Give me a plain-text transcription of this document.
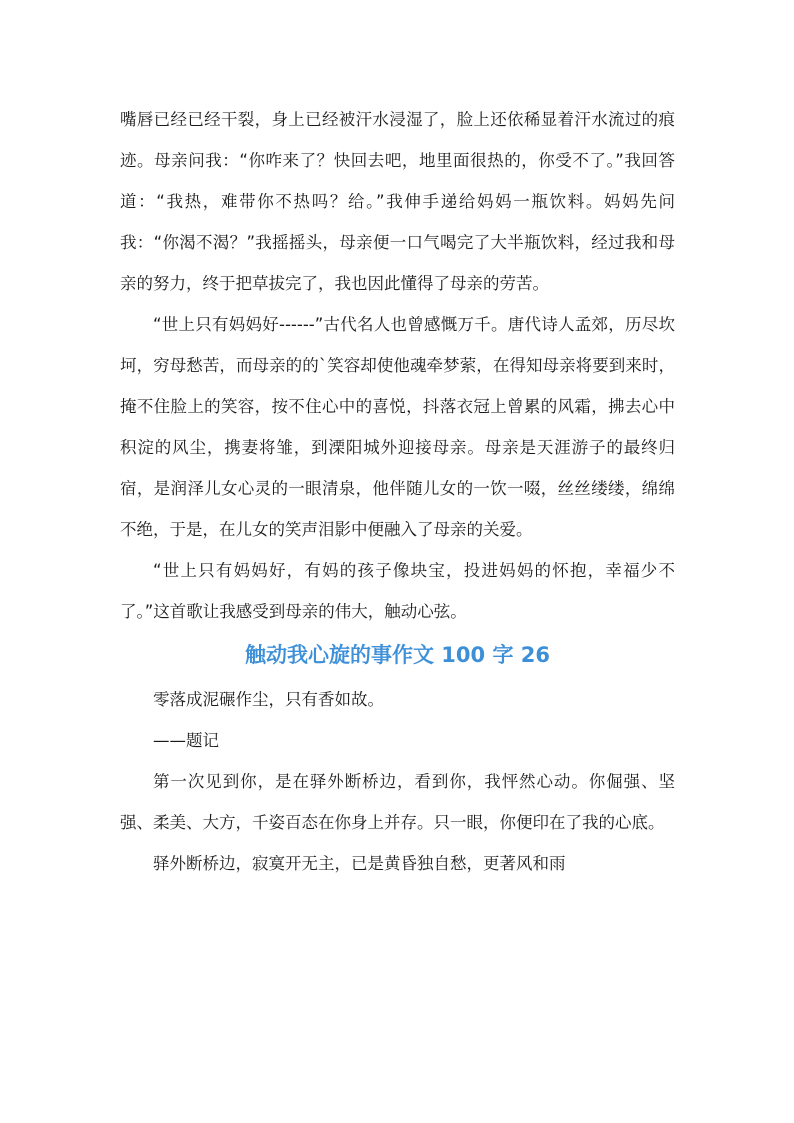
嘴唇已经已经干裂，身上已经被汗水浸湿了，脸上还依稀显着汗水流过的痕迹。母亲问我：“你咋来了？快回去吧，地里面很热的，你受不了。”我回答道：“我热，难带你不热吗？给。”我伸手递给妈妈一瓶饮料。妈妈先问我：“你渴不渴？”我摇摇头，母亲便一口气喝完了大半瓶饮料，经过我和母亲的努力，终于把草拔完了，我也因此懂得了母亲的劳苦。

“世上只有妈妈好------”古代名人也曾感慨万千。唐代诗人孟郊，历尽坎坷，穷母愁苦，而母亲的的`笑容却使他魂牵梦萦，在得知母亲将要到来时，掩不住脸上的笑容，按不住心中的喜悦，抖落衣冠上曾累的风霜，拂去心中积淀的风尘，携妻将雏，到溧阳城外迎接母亲。母亲是天涯游子的最终归宿，是润泽儿女心灵的一眼清泉，他伴随儿女的一饮一啜，丝丝缕缕，绵绵不绝，于是，在儿女的笑声泪影中便融入了母亲的关爱。

“世上只有妈妈好，有妈的孩子像块宝，投进妈妈的怀抱，幸福少不了。”这首歌让我感受到母亲的伟大，触动心弦。

触动我心旋的事作文 100 字 26

零落成泥碾作尘，只有香如故。

——题记

第一次见到你，是在驿外断桥边，看到你，我怦然心动。你倔强、坚强、柔美、大方，千姿百态在你身上并存。只一眼，你便印在了我的心底。

驿外断桥边，寂寞开无主，已是黄昏独自愁，更著风和雨
